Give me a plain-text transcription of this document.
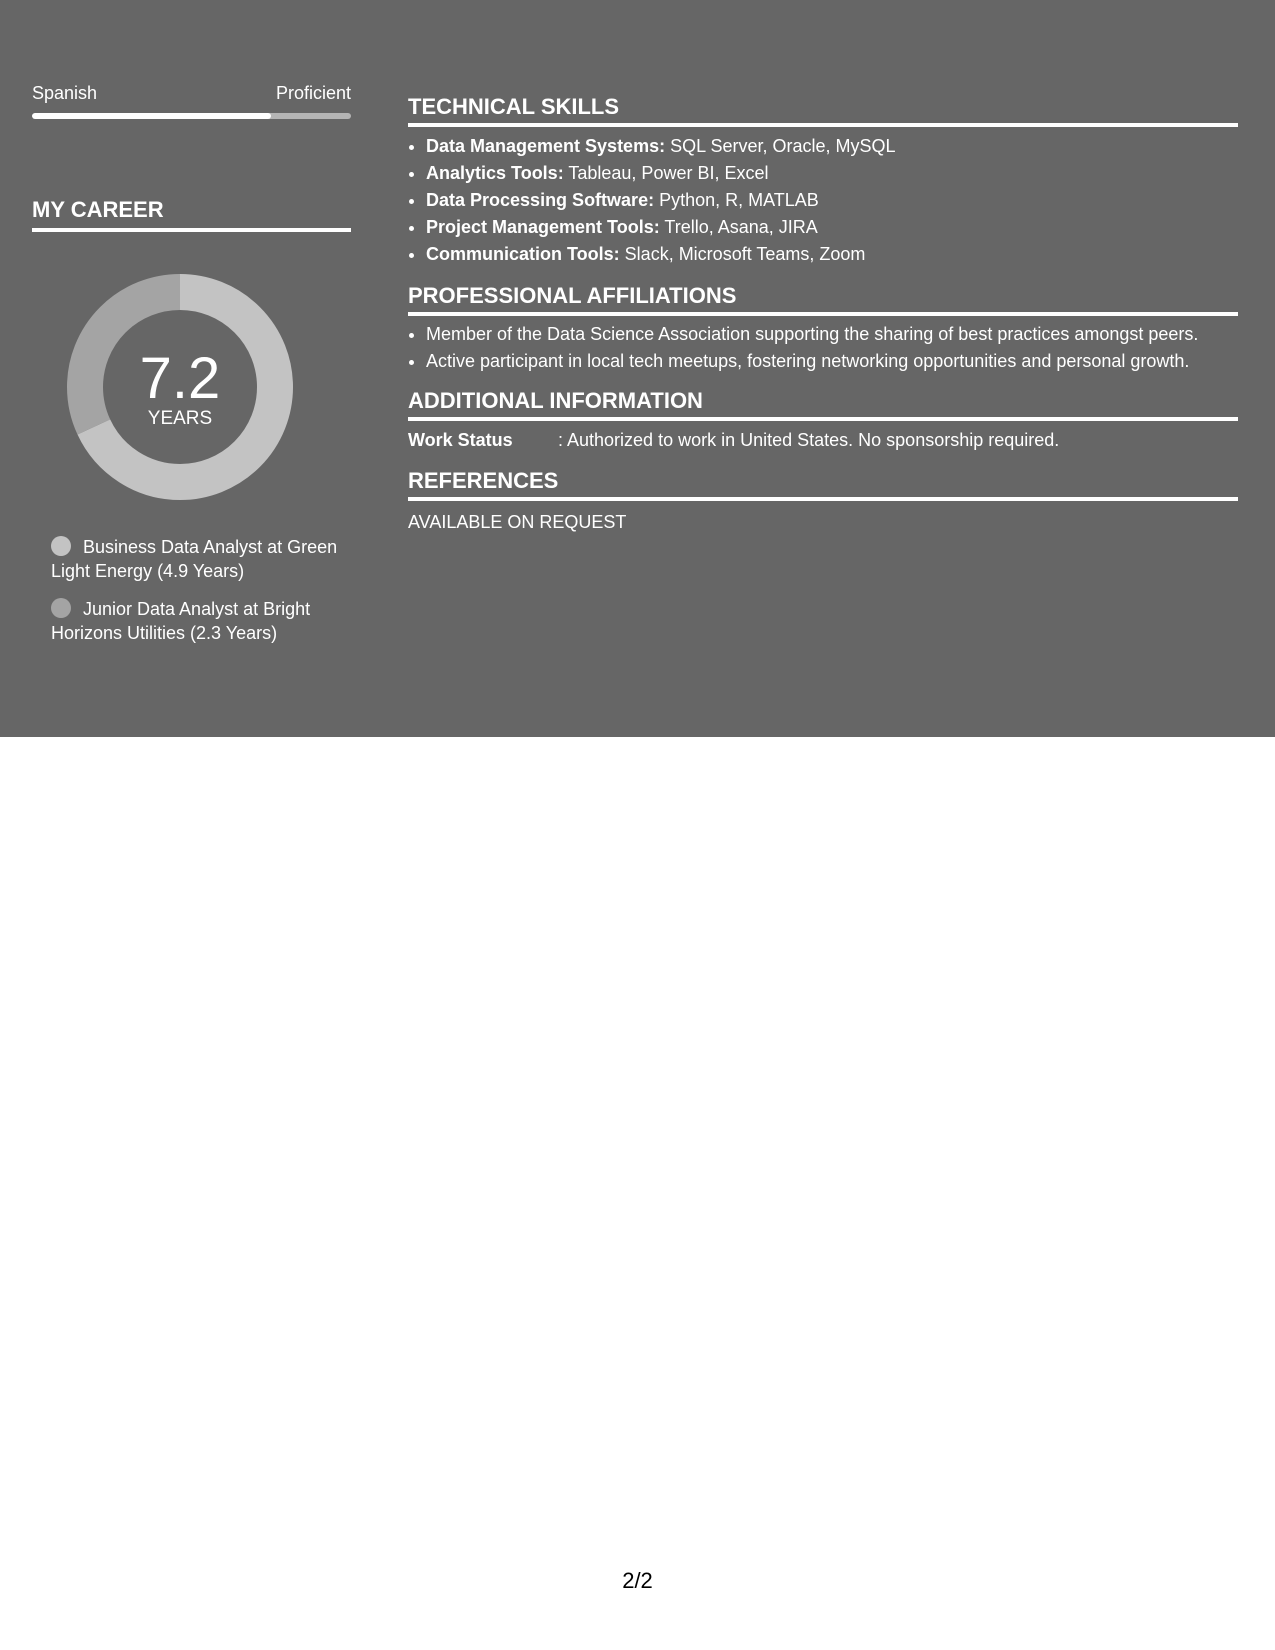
Spanish	Proficient
MY CAREER
7.2
YEARS
Business Data Analyst at Green Light Energy (4.9 Years)
Junior Data Analyst at Bright Horizons Utilities (2.3 Years)
TECHNICAL SKILLS
• Data Management Systems: SQL Server, Oracle, MySQL
• Analytics Tools: Tableau, Power BI, Excel
• Data Processing Software: Python, R, MATLAB
• Project Management Tools: Trello, Asana, JIRA
• Communication Tools: Slack, Microsoft Teams, Zoom
PROFESSIONAL AFFILIATIONS
• Member of the Data Science Association supporting the sharing of best practices amongst peers.
• Active participant in local tech meetups, fostering networking opportunities and personal growth.
ADDITIONAL INFORMATION
Work Status	: Authorized to work in United States. No sponsorship required.
REFERENCES
AVAILABLE ON REQUEST
2/2
